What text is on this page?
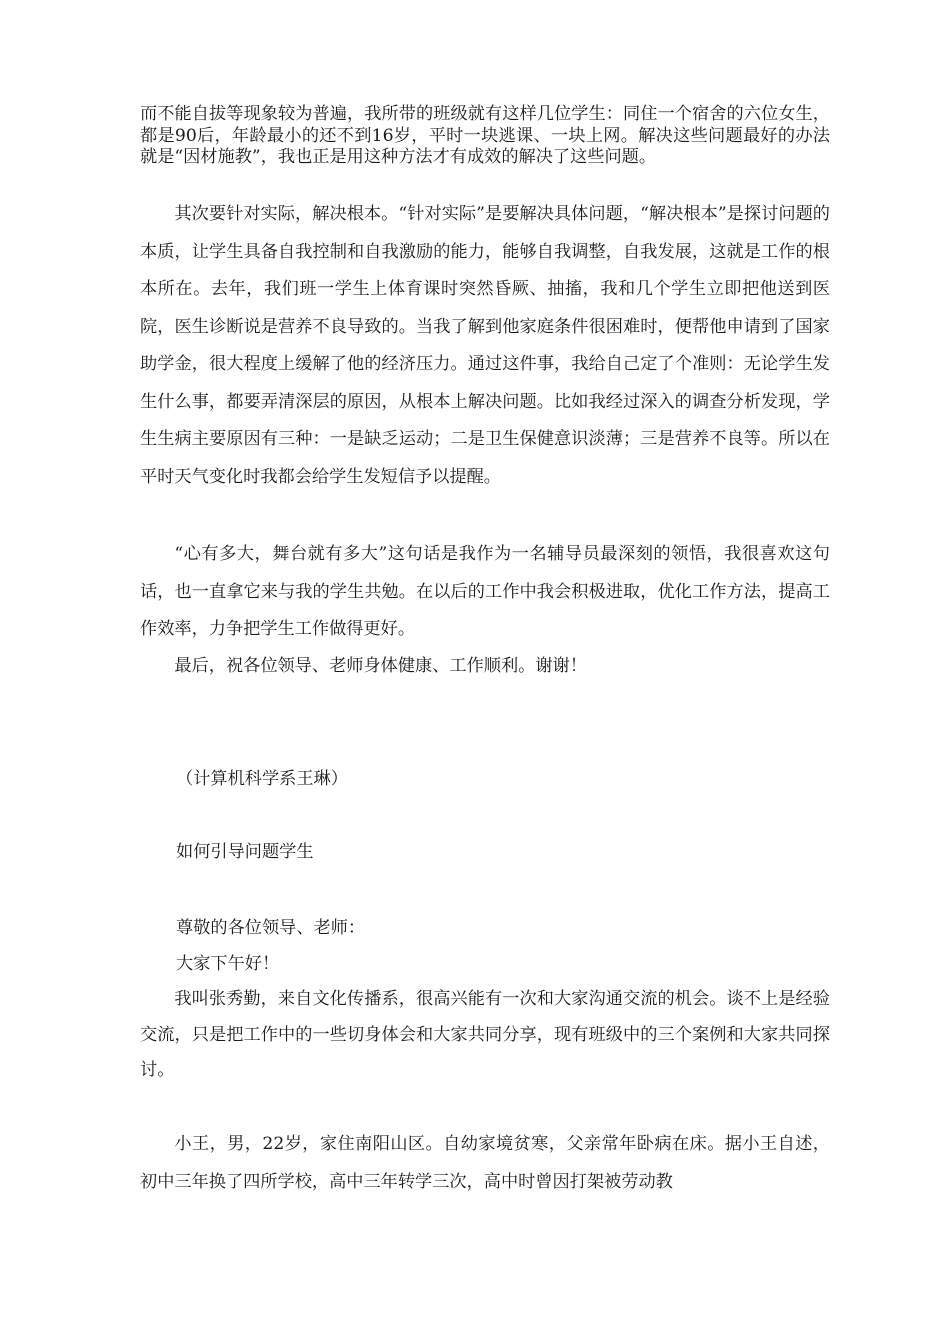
而不能自拔等现象较为普遍，我所带的班级就有这样几位学生：同住一个宿舍的六位女生，都是90后，年龄最小的还不到16岁，平时一块逃课、一块上网。解决这些问题最好的办法就是“因材施教”，我也正是用这种方法才有成效的解决了这些问题。

其次要针对实际，解决根本。“针对实际”是要解决具体问题，“解决根本”是探讨问题的本质，让学生具备自我控制和自我激励的能力，能够自我调整，自我发展，这就是工作的根本所在。去年，我们班一学生上体育课时突然昏厥、抽搐，我和几个学生立即把他送到医院，医生诊断说是营养不良导致的。当我了解到他家庭条件很困难时，便帮他申请到了国家助学金，很大程度上缓解了他的经济压力。通过这件事，我给自己定了个准则：无论学生发生什么事，都要弄清深层的原因，从根本上解决问题。比如我经过深入的调查分析发现，学生生病主要原因有三种：一是缺乏运动；二是卫生保健意识淡薄；三是营养不良等。所以在平时天气变化时我都会给学生发短信予以提醒。

“心有多大，舞台就有多大”这句话是我作为一名辅导员最深刻的领悟，我很喜欢这句话，也一直拿它来与我的学生共勉。在以后的工作中我会积极进取，优化工作方法，提高工作效率，力争把学生工作做得更好。

最后，祝各位领导、老师身体健康、工作顺利。谢谢！

（计算机科学系王琳）

如何引导问题学生

尊敬的各位领导、老师：

大家下午好！

我叫张秀勤，来自文化传播系，很高兴能有一次和大家沟通交流的机会。谈不上是经验交流，只是把工作中的一些切身体会和大家共同分享，现有班级中的三个案例和大家共同探讨。

小王，男，22岁，家住南阳山区。自幼家境贫寒，父亲常年卧病在床。据小王自述，初中三年换了四所学校，高中三年转学三次，高中时曾因打架被劳动教
